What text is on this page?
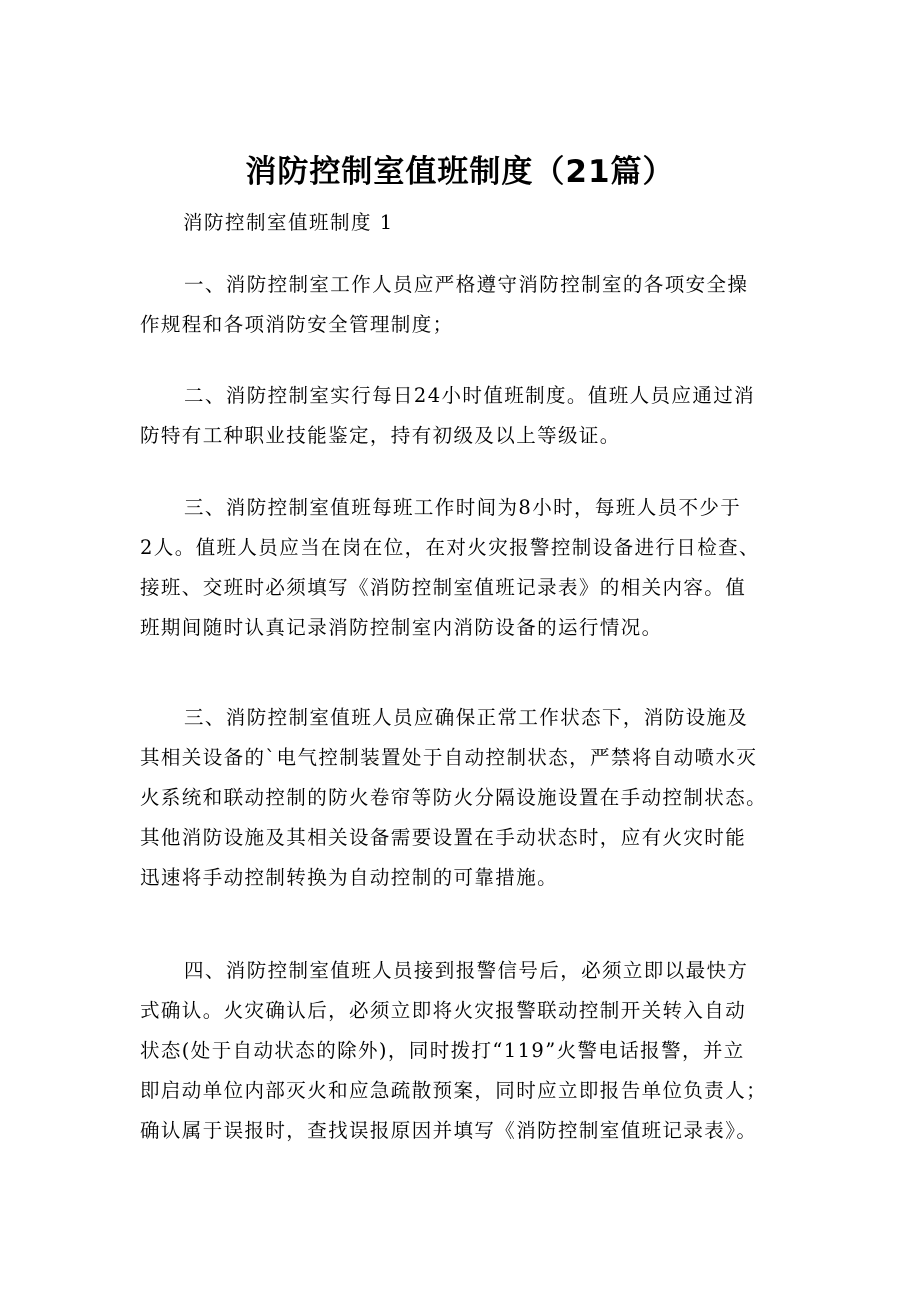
消防控制室值班制度（21篇）
消防控制室值班制度 1
一、消防控制室工作人员应严格遵守消防控制室的各项安全操
作规程和各项消防安全管理制度；
二、消防控制室实行每日24小时值班制度。值班人员应通过消
防特有工种职业技能鉴定，持有初级及以上等级证。
三、消防控制室值班每班工作时间为8小时，每班人员不少于
2人。值班人员应当在岗在位，在对火灾报警控制设备进行日检查、
接班、交班时必须填写《消防控制室值班记录表》的相关内容。值
班期间随时认真记录消防控制室内消防设备的运行情况。
三、消防控制室值班人员应确保正常工作状态下，消防设施及
其相关设备的`电气控制装置处于自动控制状态，严禁将自动喷水灭
火系统和联动控制的防火卷帘等防火分隔设施设置在手动控制状态。
其他消防设施及其相关设备需要设置在手动状态时，应有火灾时能
迅速将手动控制转换为自动控制的可靠措施。
四、消防控制室值班人员接到报警信号后，必须立即以最快方
式确认。火灾确认后，必须立即将火灾报警联动控制开关转入自动
状态(处于自动状态的除外)，同时拨打“119”火警电话报警，并立
即启动单位内部灭火和应急疏散预案，同时应立即报告单位负责人；
确认属于误报时，查找误报原因并填写《消防控制室值班记录表》。
